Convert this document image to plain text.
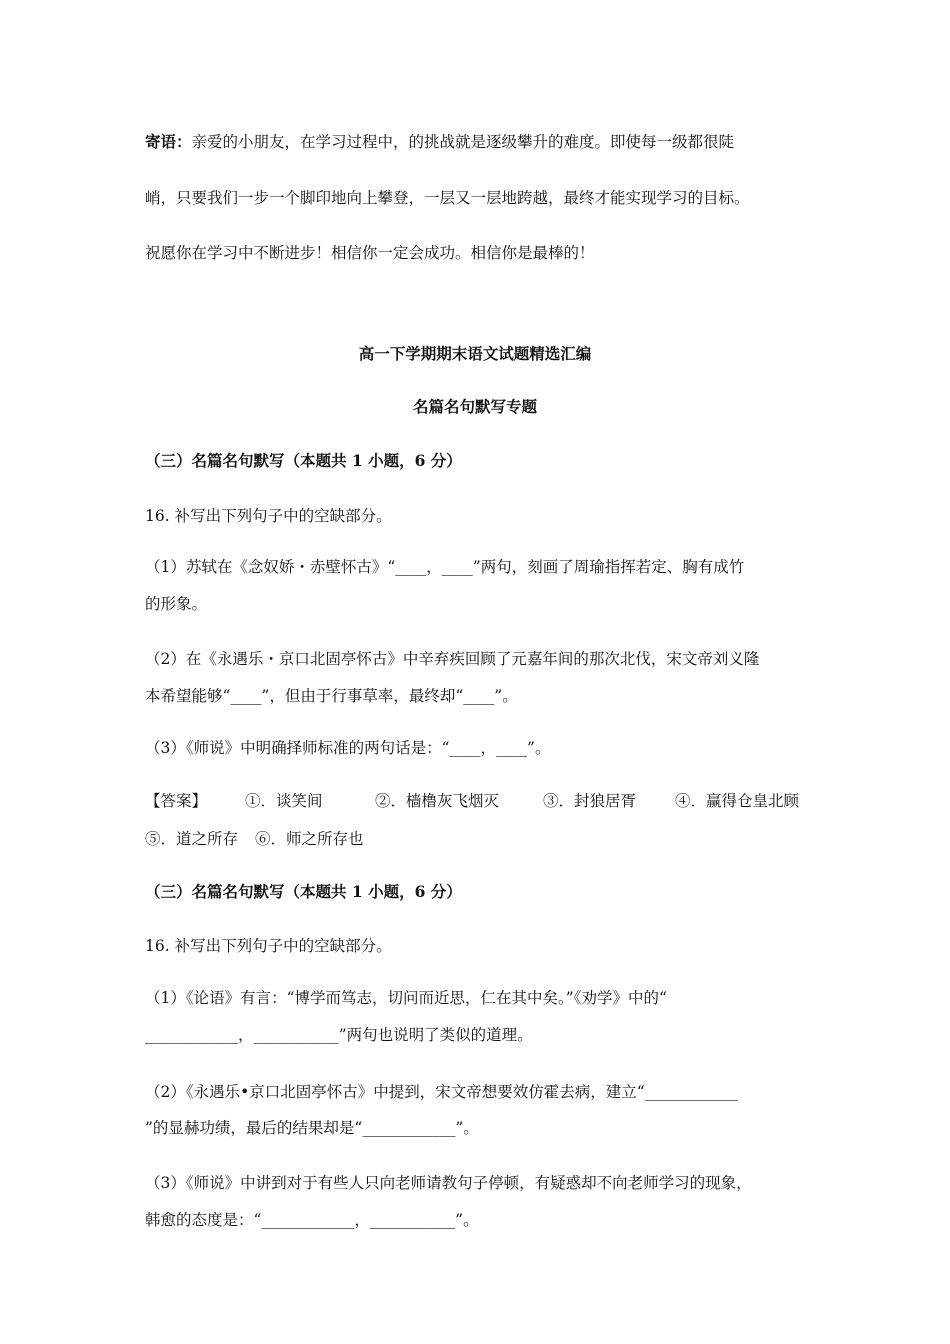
寄语：亲爱的小朋友，在学习过程中，的挑战就是逐级攀升的难度。即使每一级都很陡
峭，只要我们一步一个脚印地向上攀登，一层又一层地跨越，最终才能实现学习的目标。
祝愿你在学习中不断进步！相信你一定会成功。相信你是最棒的！
高一下学期期末语文试题精选汇编
名篇名句默写专题
（三）名篇名句默写（本题共 1 小题，6 分）
16. 补写出下列句子中的空缺部分。
（1）苏轼在《念奴娇・赤壁怀古》“____，____”两句，刻画了周瑜指挥若定、胸有成竹
的形象。
（2）在《永遇乐・京口北固亭怀古》中辛弃疾回顾了元嘉年间的那次北伐，宋文帝刘义隆
本希望能够“____”，但由于行事草率，最终却“____”。
（3）《师说》中明确择师标准的两句话是：“____，____”。
【答案】 ①．谈笑间	②．樯橹灰飞烟灭	③．封狼居胥	④．赢得仓皇北顾
⑤．道之所存 ⑥．师之所存也
（三）名篇名句默写（本题共 1 小题，6 分）
16. 补写出下列句子中的空缺部分。
（1）《论语》有言：“博学而笃志，切问而近思，仁在其中矣。”《劝学》中的“
____________，___________”两句也说明了类似的道理。
（2）《永遇乐•京口北固亭怀古》中提到，宋文帝想要效仿霍去病，建立“____________
”的显赫功绩，最后的结果却是“____________”。
（3）《师说》中讲到对于有些人只向老师请教句子停顿，有疑惑却不向老师学习的现象，
韩愈的态度是：“____________，___________”。
